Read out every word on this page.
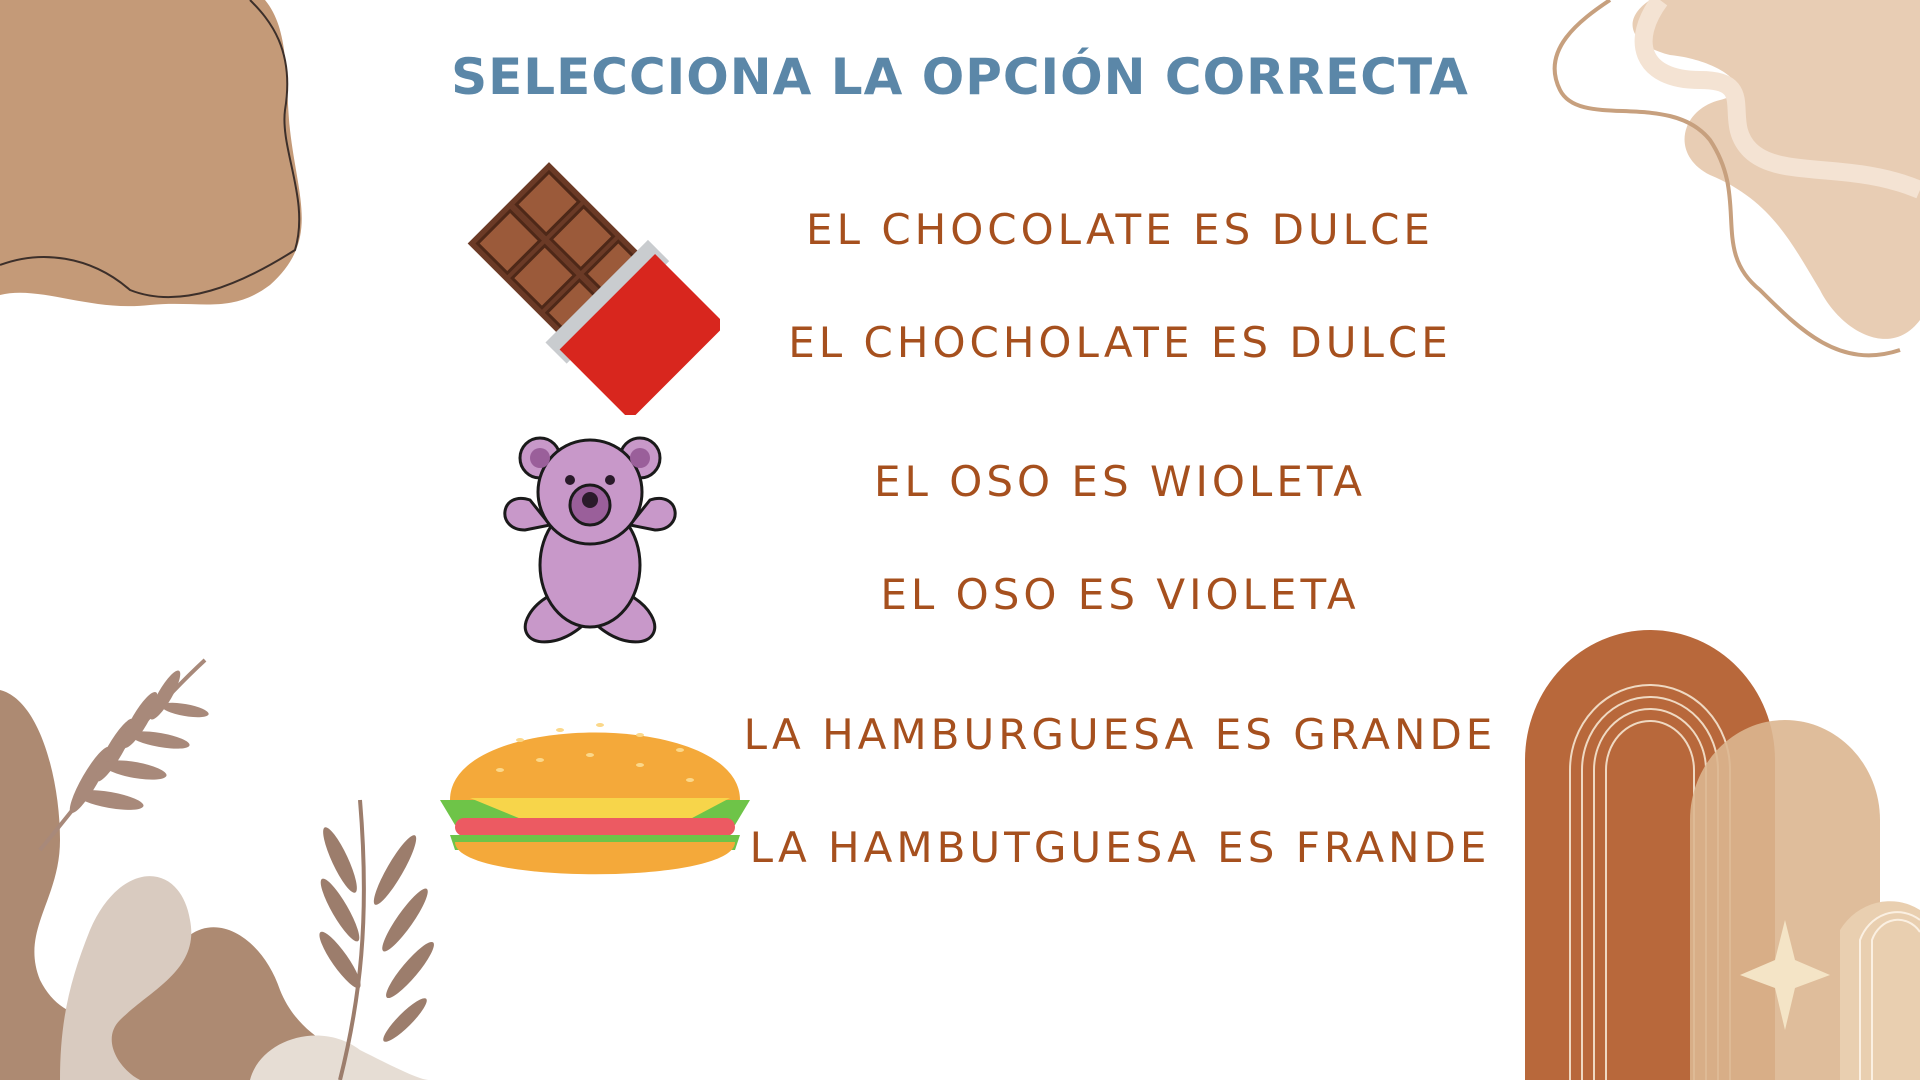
SELECCIONA LA OPCIÓN CORRECTA
EL CHOCOLATE ES DULCE
EL CHOCHOLATE ES DULCE
EL OSO ES WIOLETA
EL OSO ES VIOLETA
LA HAMBURGUESA ES GRANDE
LA HAMBUTGUESA ES FRANDE
